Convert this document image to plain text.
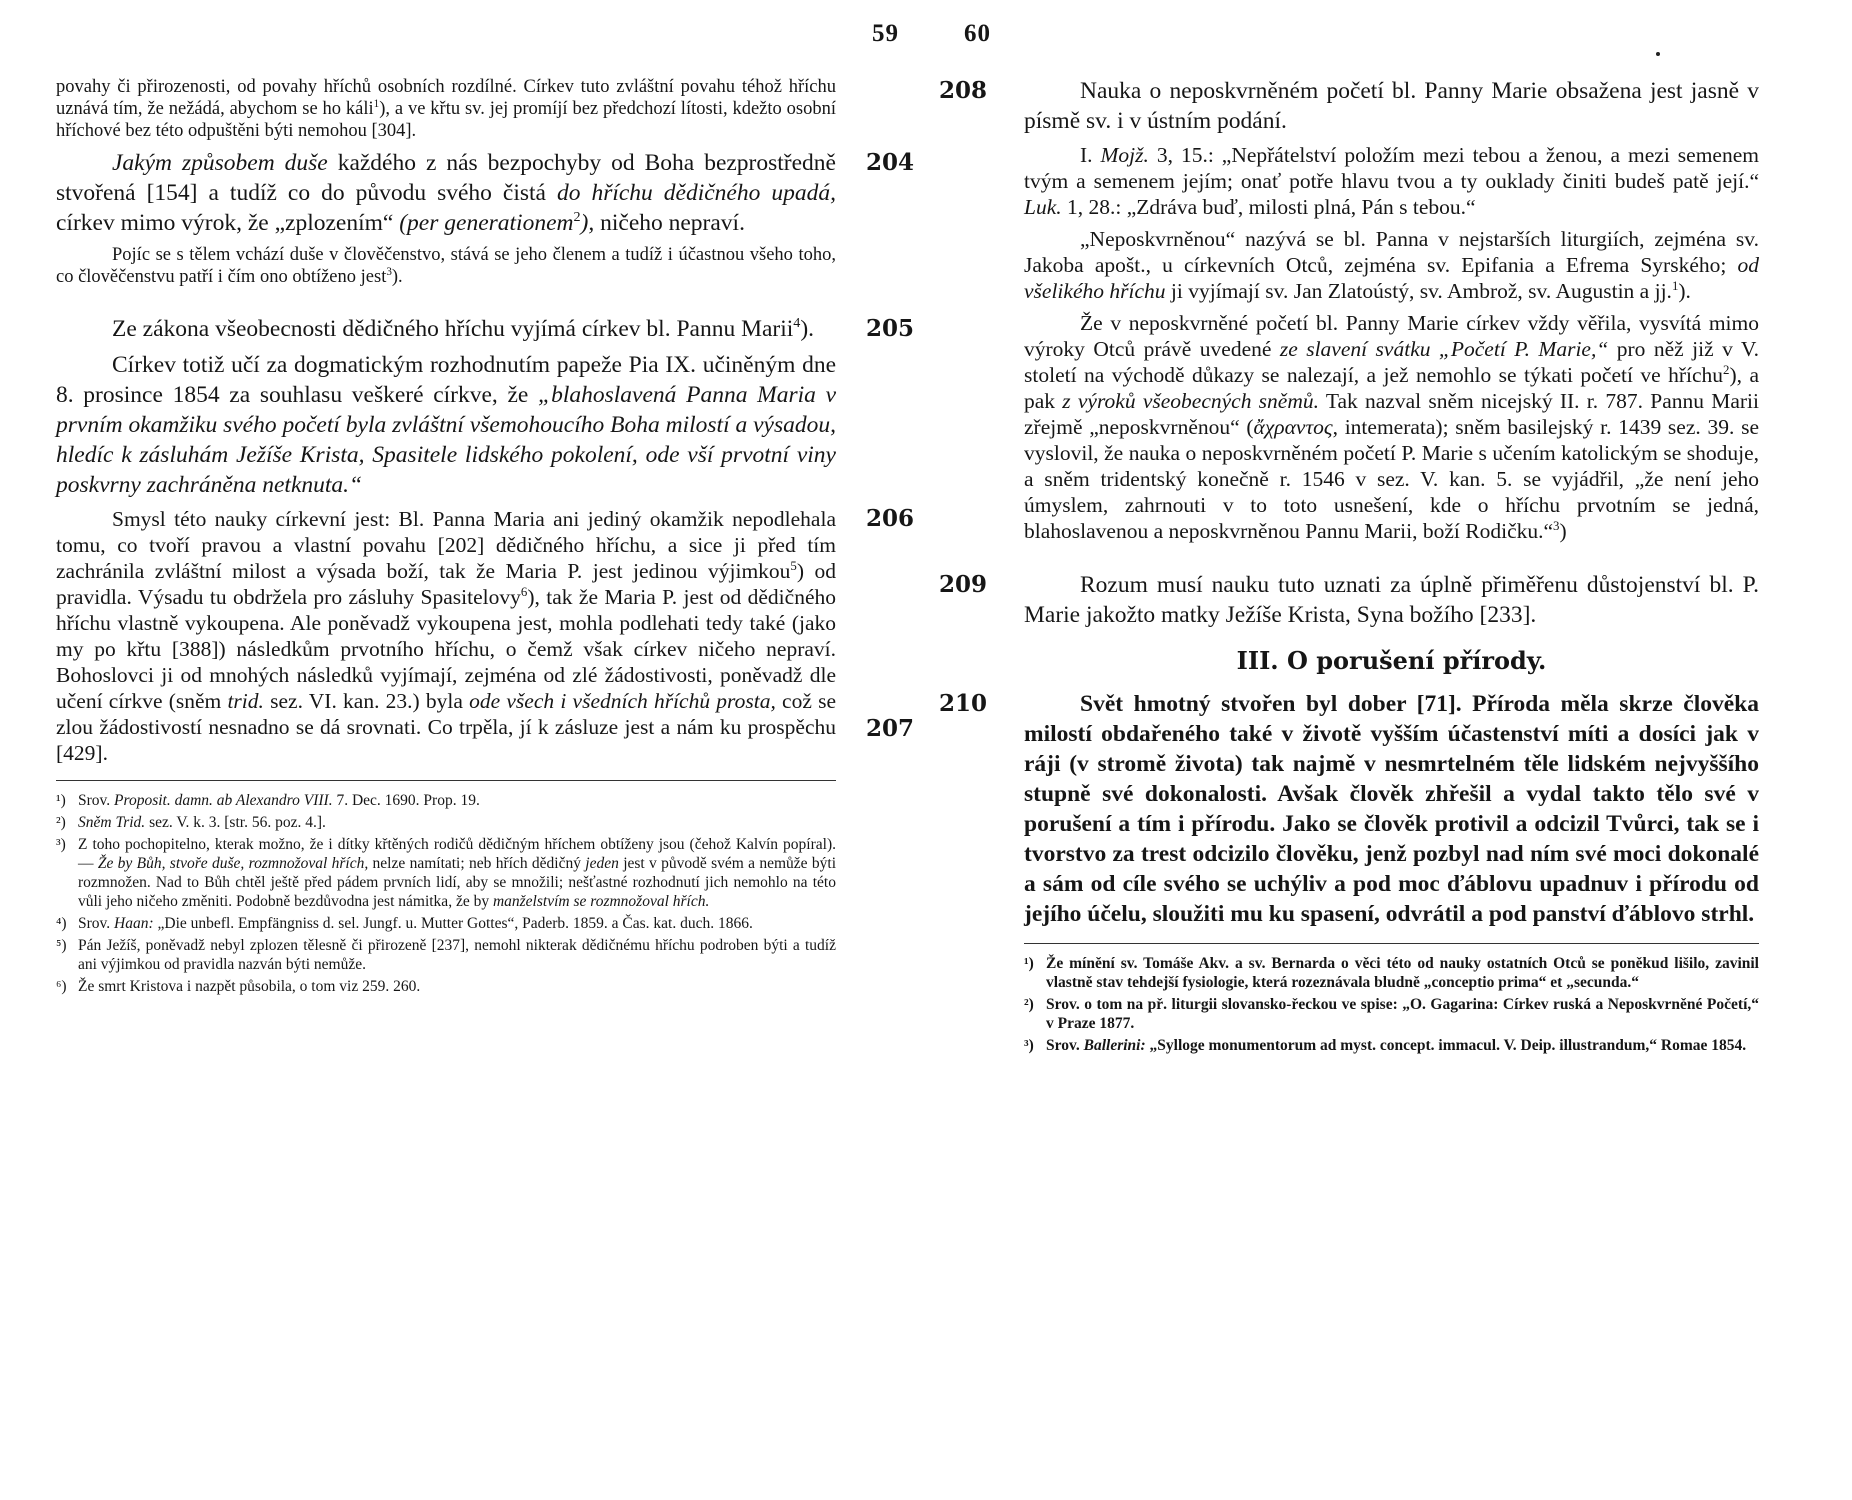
59

povahy či přirozenosti, od povahy hříchů osobních rozdílné. Církev tuto zvláštní povahu téhož hříchu uznává tím, že nežádá, abychom se ho káli$^1$), a ve křtu sv. jej promíjí bez předchozí lítosti, kdežto osobní hříchové bez této odpuštěni býti nemohou [304].

204
Jakým způsobem duše každého z nás bezpochyby od Boha bezprostředně stvořená [154] a tudíž co do původu svého čistá do hříchu dědičného upadá, církev mimo výrok, že „zplozením“ (per generationem$^2$), ničeho nepraví.

Pojíc se s tělem vchází duše v člověčenstvo, stává se jeho členem a tudíž i účastnou všeho toho, co člověčenstvu patří i čím ono obtíženo jest$^3$).

205
Ze zákona všeobecnosti dědičného hříchu vyjímá církev bl. Pannu Marii$^4$).

Církev totiž učí za dogmatickým rozhodnutím papeže Pia IX. učiněným dne 8. prosince 1854 za souhlasu veškeré církve, že „blahoslavená Panna Maria v prvním okamžiku svého početí byla zvláštní všemohoucího Boha milostí a výsadou, hledíc k zásluhám Ježíše Krista, Spasitele lidského pokolení, ode vší prvotní viny poskvrny zachráněna netknuta.“

206
207
Smysl této nauky církevní jest: Bl. Panna Maria ani jediný okamžik nepodlehala tomu, co tvoří pravou a vlastní povahu [202] dědičného hříchu, a sice ji před tím zachránila zvláštní milost a výsada boží, tak že Maria P. jest jedinou výjimkou$^5$) od pravidla. Výsadu tu obdržela pro zásluhy Spasitelovy$^6$), tak že Maria P. jest od dědičného hříchu vlastně vykoupena. Ale poněvadž vykoupena jest, mohla podlehati tedy také (jako my po křtu [388]) následkům prvotního hříchu, o čemž však církev ničeho nepraví. Bohoslovci ji od mnohých následků vyjímají, zejména od zlé žádostivosti, poněvadž dle učení církve (sněm trid. sez. VI. kan. 23.) byla ode všech i všedních hříchů prosta, což se zlou žádostivostí nesnadno se dá srovnati. Co trpěla, jí k zásluze jest a nám ku prospěchu [429].

¹) Srov. Proposit. damn. ab Alexandro VIII. 7. Dec. 1690. Prop. 19.
²) Sněm Trid. sez. V. k. 3. [str. 56. poz. 4.].
³) Z toho pochopitelno, kterak možno, že i dítky křtěných rodičů dědičným hříchem obtíženy jsou (čehož Kalvín popíral). — Že by Bůh, stvoře duše, rozmnožoval hřích, nelze namítati; neb hřích dědičný jeden jest v původě svém a nemůže býti rozmnožen. Nad to Bůh chtěl ještě před pádem prvních lidí, aby se množili; nešťastné rozhodnutí jich nemohlo na této vůli jeho ničeho změniti. Podobně bezdůvodna jest námitka, že by manželstvím se rozmnožoval hřích.
⁴) Srov. Haan: „Die unbefl. Empfängniss d. sel. Jungf. u. Mutter Gottes“, Paderb. 1859. a Čas. kat. duch. 1866.
⁵) Pán Ježíš, poněvadž nebyl zplozen tělesně či přirozeně [237], nemohl nikterak dědičnému hříchu podroben býti a tudíž ani výjimkou od pravidla nazván býti nemůže.
⁶) Že smrt Kristova i nazpět působila, o tom viz 259. 260.
60

208	Nauka o neposkvrněném početí bl. Panny Marie obsažena jest jasně v písmě sv. i v ústním podání.

I. Mojž. 3, 15.: „Nepřátelství položím mezi tebou a ženou, a mezi semenem tvým a semenem jejím; onať potře hlavu tvou a ty ouklady činiti budeš patě její.“ Luk. 1, 28.: „Zdráva buď, milosti plná, Pán s tebou.“

„Neposkvrněnou“ nazývá se bl. Panna v nejstarších liturgiích, zejména sv. Jakoba apošt., u církevních Otců, zejména sv. Epifania a Efrema Syrského; od všelikého hříchu ji vyjímají sv. Jan Zlatoústý, sv. Ambrož, sv. Augustin a jj.$^1$).

Že v neposkvrněné početí bl. Panny Marie církev vždy věřila, vysvítá mimo výroky Otců právě uvedené ze slavení svátku „Početí P. Marie,“ pro něž již v V. století na východě důkazy se nalezají, a jež nemohlo se týkati početí ve hříchu$^2$), a pak z výroků všeobecných sněmů. Tak nazval sněm nicejský II. r. 787. Pannu Marii zřejmě „neposkvrněnou“ (ἄχραντος, intemerata); sněm basilejský r. 1439 sez. 39. se vyslovil, že nauka o neposkvrněném početí P. Marie s učením katolickým se shoduje, a sněm tridentský konečně r. 1546 v sez. V. kan. 5. se vyjádřil, „že není jeho úmyslem, zahrnouti v to toto usnešení, kde o hříchu prvotním se jedná, blahoslavenou a neposkvrněnou Pannu Marii, boží Rodičku.“$^3$)

209	Rozum musí nauku tuto uznati za úplně přiměřenu důstojenství bl. P. Marie jakožto matky Ježíše Krista, Syna božího [233].

III. O porušení přírody.

210	Svět hmotný stvořen byl dober [71]. Příroda měla skrze člověka milostí obdařeného také v životě vyšším účastenství míti a dosíci jak v ráji (v stromě života) tak najmě v nesmrtelném těle lidském nejvyššího stupně své dokonalosti. Avšak člověk zhřešil a vydal takto tělo své v porušení a tím i přírodu. Jako se člověk protivil a odcizil Tvůrci, tak se i tvorstvo za trest odcizilo člověku, jenž pozbyl nad ním své moci dokonalé a sám od cíle svého se uchýliv a pod moc ďáblovu upadnuv i přírodu od jejího účelu, sloužiti mu ku spasení, odvrátil a pod panství ďáblovo strhl.

¹) Že mínění sv. Tomáše Akv. a sv. Bernarda o věci této od nauky ostatních Otců se poněkud lišilo, zavinil vlastně stav tehdejší fysiologie, která rozeznávala bludně „conceptio prima“ et „secunda.“
²) Srov. o tom na př. liturgii slovansko-řeckou ve spise: „O. Gagarina: Církev ruská a Neposkvrněné Početí,“ v Praze 1877.
³) Srov. Ballerini: „Sylloge monumentorum ad myst. concept. immacul. V. Deip. illustrandum,“ Romae 1854.
